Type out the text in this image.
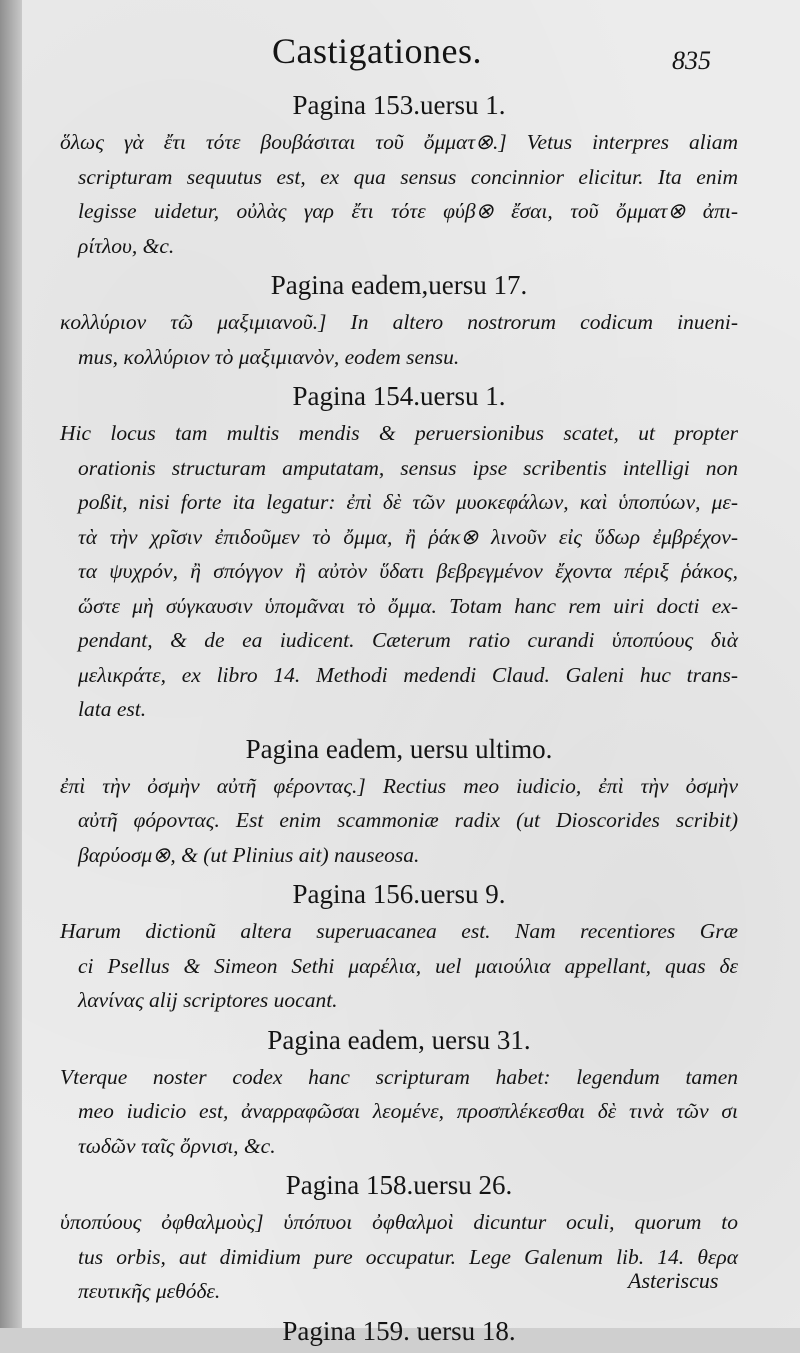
Castigationes.	835
Pagina 153.uersu 1.
ὅλως γὰ ἔτι τότε βουβάσιται τοῦ ὄμματ⊗.] Vetus interpres aliam
scripturam sequutus est, ex qua sensus concinnior elicitur. Ita enim
legisse uidetur, οὐλὰς γαρ ἔτι τότε φύβ⊗ ἔσαι, τοῦ ὄμματ⊗ ἀπι-
ρίτλου, &c.
Pagina eadem,uersu 17.
κολλύριον τῶ μαξιμιανοῦ.] In altero nostrorum codicum inueni-
mus, κολλύριον τὸ μαξιμιανὸν, eodem sensu.
Pagina 154.uersu 1.
Hic locus tam multis mendis & peruersionibus scatet, ut propter
orationis structuram amputatam, sensus ipse scribentis intelligi non
poßit, nisi forte ita legatur: ἐπὶ δὲ τῶν μυοκεφάλων, καὶ ὑποπύων, με-
τὰ τὴν χρῖσιν ἐπιδοῦμεν τὸ ὄμμα, ἢ ῥάκ⊗ λινοῦν εἰς ὕδωρ ἐμβρέχον-
τα ψυχρόν, ἢ σπόγγον ἢ αὐτὸν ὕδατι βεβρεγμένον ἔχοντα πέριξ ῥάκος,
ὥστε μὴ σύγκαυσιν ὑπομᾶναι τὸ ὄμμα. Totam hanc rem uiri docti ex-
pendant, & de ea iudicent. Cæterum ratio curandi ὑποπύους διὰ
μελικράτε, ex libro 14. Methodi medendi Claud. Galeni huc trans-
lata est.
Pagina eadem, uersu ultimo.
ἐπὶ τὴν ὀσμὴν αὐτῆ φέροντας.] Rectius meo iudicio, ἐπὶ τὴν ὀσμὴν
αὐτῆ φόροντας. Est enim scammoniæ radix (ut Dioscorides scribit)
βαρύοσμ⊗, & (ut Plinius ait) nauseosa.
Pagina 156.uersu 9.
Harum dictionũ altera superuacanea est. Nam recentiores Græ
ci Psellus & Simeon Sethi μαρέλια, uel μαιούλια appellant, quas δε
λανίνας alij scriptores uocant.
Pagina eadem, uersu 31.
Vterque noster codex hanc scripturam habet: legendum tamen
meo iudicio est, ἀναρραφῶσαι λεομένε, προσπλέκεσθαι δὲ τινὰ τῶν σι
τωδῶν ταῖς ὄρνισι, &c.
Pagina 158.uersu 26.
ὑποπύους ὀφθαλμοὺς] ὑπόπυοι ὀφθαλμοὶ dicuntur oculi, quorum to
tus orbis, aut dimidium pure occupatur. Lege Galenum lib. 14. θερα
πευτικῆς μεθόδε.
Pagina 159. uersu 18.
Asteriscus
